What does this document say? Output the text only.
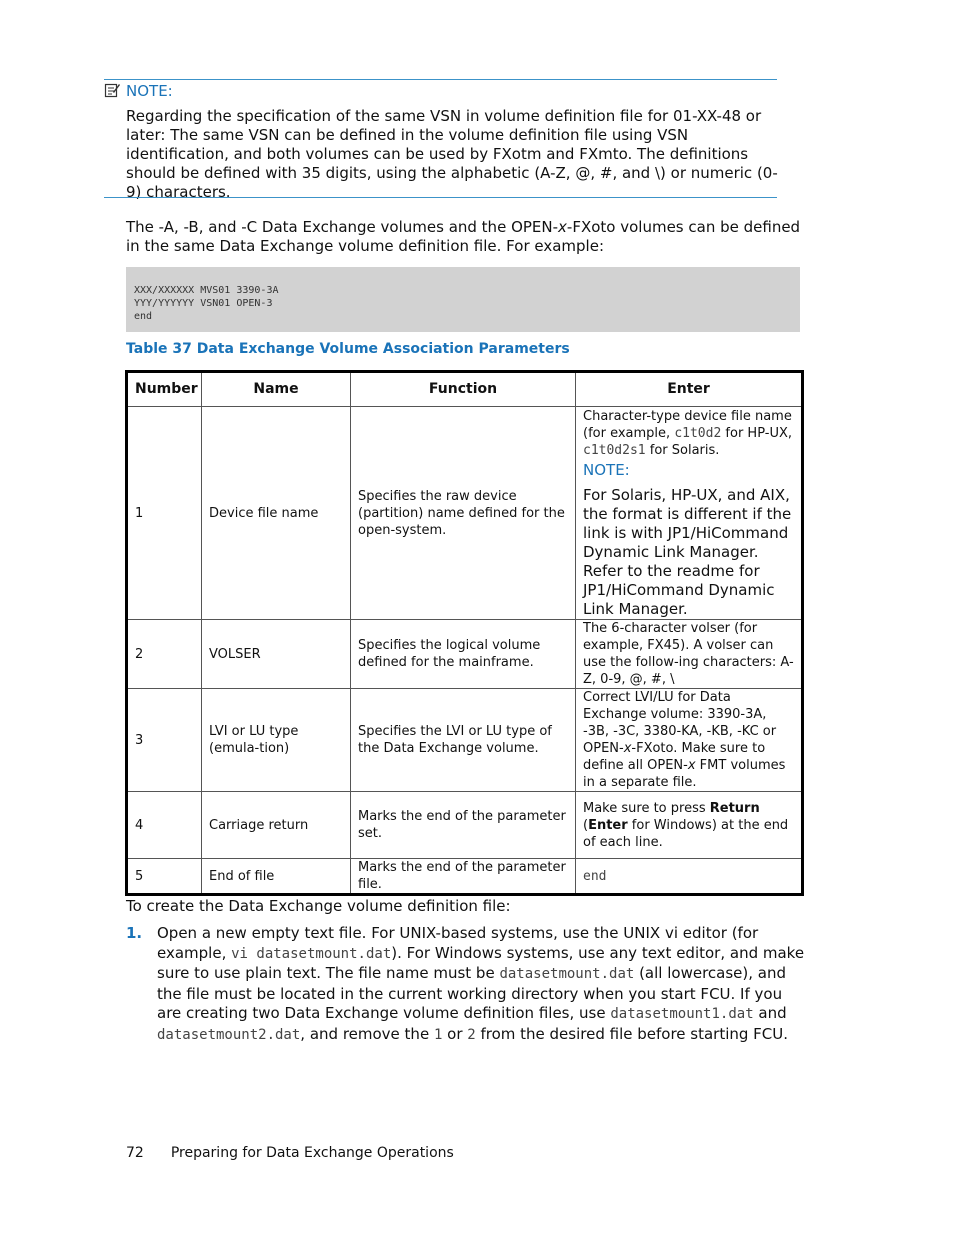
NOTE:
Regarding the specification of the same VSN in volume definition file for 01-XX-48 or later: The same VSN can be defined in the volume definition file using VSN identification, and both volumes can be used by FXotm and FXmto. The definitions should be defined with 35 digits, using the alphabetic (A-Z, @, #, and \) or numeric (0-9) characters.
The -A, -B, and -C Data Exchange volumes and the OPEN-x-FXoto volumes can be defined in the same Data Exchange volume definition file. For example:
XXX/XXXXXX MVS01 3390-3A
YYY/YYYYYY VSN01 OPEN-3
end
Table 37 Data Exchange Volume Association Parameters
Number	Name	Function	Enter
1	Device file name	Specifies the raw device (partition) name defined for the open-system.	Character-type device file name (for example, c1t0d2 for HP-UX, c1t0d2s1 for Solaris.
NOTE:
For Solaris, HP-UX, and AIX, the format is different if the link is with JP1/HiCommand Dynamic Link Manager. Refer to the readme for JP1/HiCommand Dynamic Link Manager.

2	VOLSER	Specifies the logical volume defined for the mainframe.	The 6-character volser (for example, FX45). A volser can use the follow-ing characters: A-Z, 0-9, @, #, \
3	LVI or LU type (emula-tion)	Specifies the LVI or LU type of the Data Exchange volume.	Correct LVI/LU for Data Exchange volume: 3390-3A, -3B, -3C, 3380-KA, -KB, -KC or OPEN-x-FXoto. Make sure to define all OPEN-x FMT volumes in a separate file.
4	Carriage return	Marks the end of the parameter set.	Make sure to press Return (Enter for Windows) at the end of each line.
5	End of file	Marks the end of the parameter file.	end
To create the Data Exchange volume definition file:
1. Open a new empty text file. For UNIX-based systems, use the UNIX vi editor (for example, vi datasetmount.dat). For Windows systems, use any text editor, and make sure to use plain text. The file name must be datasetmount.dat (all lowercase), and the file must be located in the current working directory when you start FCU. If you are creating two Data Exchange volume definition files, use datasetmount1.dat and datasetmount2.dat, and remove the 1 or 2 from the desired file before starting FCU.
72 Preparing for Data Exchange Operations
